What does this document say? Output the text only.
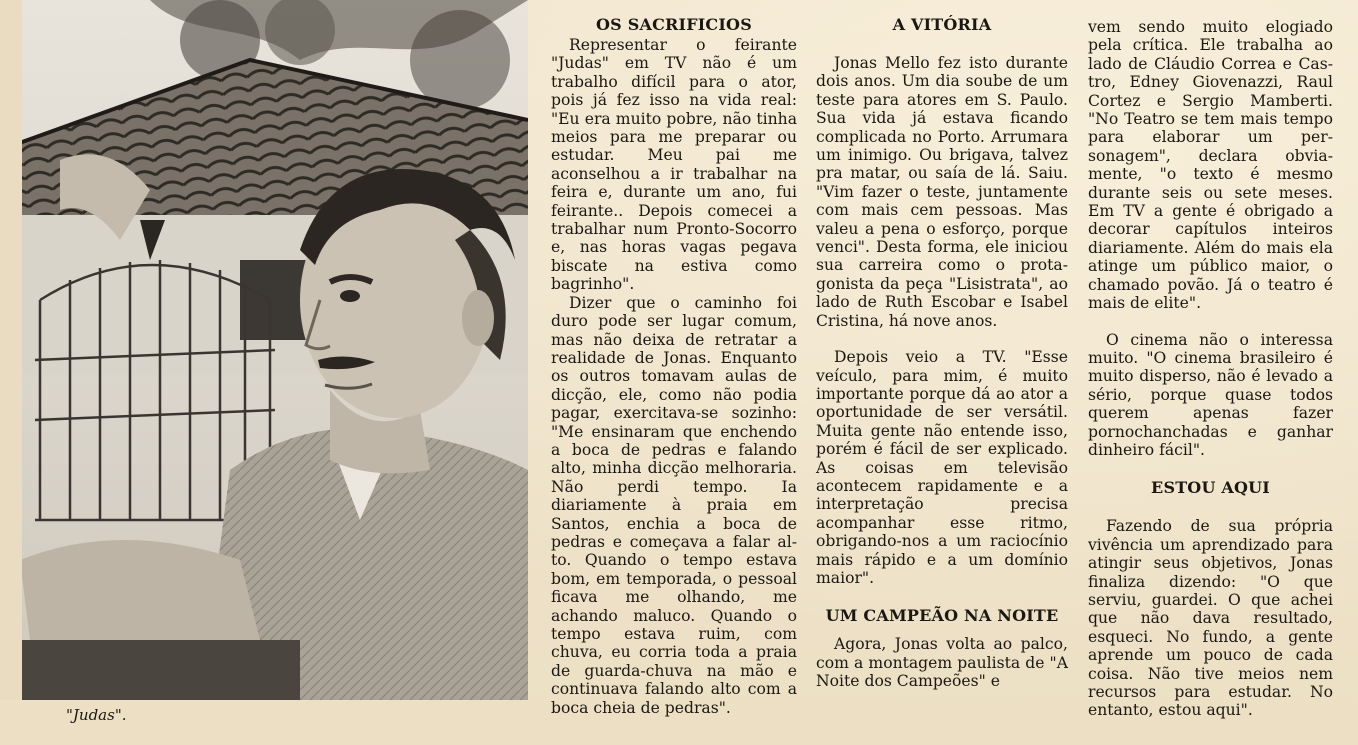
"Judas".
OS SACRIFICIOS

Representar o feirante "Judas" em TV não é um trabalho difícil para o ator, pois já fez isso na vida real: "Eu era muito pobre, não tinha meios para me preparar ou estudar. Meu pai me aconselhou a ir trabalhar na feira e, durante um ano, fui feirante.. Depois comecei a trabalhar num Pronto-Socorro e, nas horas vagas pegava biscate na estiva como bagrinho".

Dizer que o caminho foi duro pode ser lugar comum, mas não deixa de retratar a realidade de Jonas. Enquanto os outros tomavam aulas de dicção, ele, como não podia pagar, exercitava-se sozinho: "Me ensinaram que enchendo a boca de pedras e falando alto, minha dicção melhoraria. Não perdi tempo. Ia diariamente à praia em Santos, enchia a boca de pedras e começava a falar alto. Quando o tempo estava bom, em temporada, o pessoal ficava me olhando, me achando maluco. Quando o tempo estava ruim, com chuva, eu corria toda a praia de guarda-chuva na mão e continuava falando alto com a boca cheia de pedras".

A VITÓRIA

Jonas Mello fez isto durante dois anos. Um dia soube de um teste para atores em S. Paulo. Sua vida já estava ficando complicada no Porto. Arrumara um inimigo. Ou brigava, talvez pra matar, ou saía de lá. Saiu. "Vim fazer o teste, juntamente com mais cem pessoas. Mas valeu a pena o esforço, porque venci". Desta forma, ele iniciou sua carreira como o protagonista da peça "Lisistrata", ao lado de Ruth Escobar e Isabel Cristina, há nove anos.

Depois veio a TV. "Esse veículo, para mim, é muito importante porque dá ao ator a oportunidade de ser versátil. Muita gente não entende isso, porém é fácil de ser explicado. As coisas em televisão acontecem rapidamente e a interpretação precisa acompanhar esse ritmo, obrigando-nos a um raciocínio mais rápido e a um domínio maior".

UM CAMPEÃO NA NOITE

Agora, Jonas volta ao palco, com a montagem paulista de "A Noite dos Campeões" e

vem sendo muito elogiado pela crítica. Ele trabalha ao lado de Cláudio Correa e Castro, Edney Giovenazzi, Raul Cortez e Sergio Mamberti. "No Teatro se tem mais tempo para elaborar um personagem", declara obviamente, "o texto é mesmo durante seis ou sete meses. Em TV a gente é obrigado a decorar capítulos inteiros diariamente. Além do mais ela atinge um público maior, o chamado povão. Já o teatro é mais de elite".

O cinema não o interessa muito. "O cinema brasileiro é muito disperso, não é levado a sério, porque quase todos querem apenas fazer pornochanchadas e ganhar dinheiro fácil".

ESTOU AQUI

Fazendo de sua própria vivência um aprendizado para atingir seus objetivos, Jonas finaliza dizendo: "O que serviu, guardei. O que achei que não dava resultado, esqueci. No fundo, a gente aprende um pouco de cada coisa. Não tive meios nem recursos para estudar. No entanto, estou aqui".
